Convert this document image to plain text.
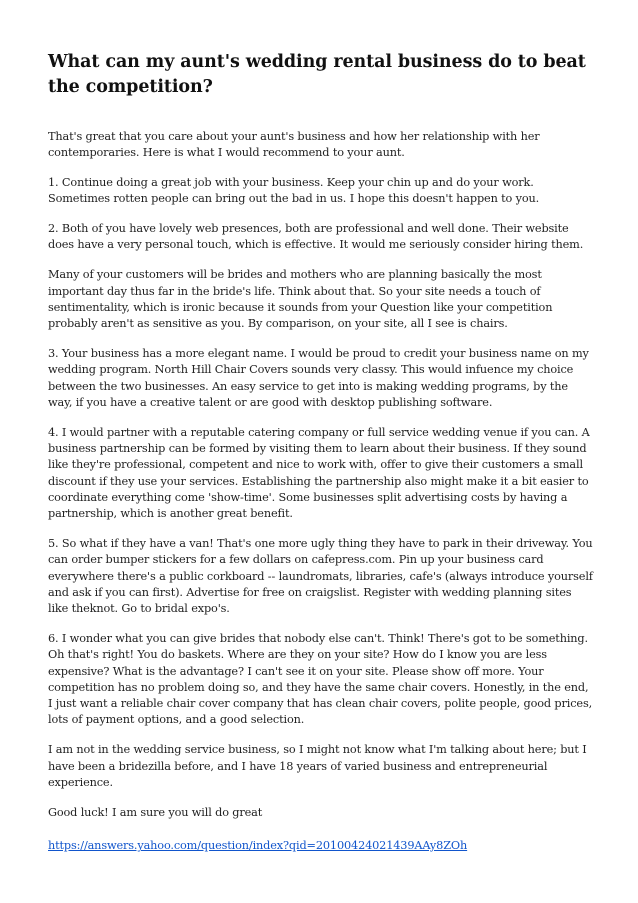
What can my aunt's wedding rental business do to beat the competition?

That's great that you care about your aunt's business and how her relationship with her contemporaries. Here is what I would recommend to your aunt.

1. Continue doing a great job with your business. Keep your chin up and do your work. Sometimes rotten people can bring out the bad in us. I hope this doesn't happen to you.

2. Both of you have lovely web presences, both are professional and well done. Their website does have a very personal touch, which is effective. It would me seriously consider hiring them.

Many of your customers will be brides and mothers who are planning basically the most important day thus far in the bride's life. Think about that. So your site needs a touch of sentimentality, which is ironic because it sounds from your Question like your competition probably aren't as sensitive as you. By comparison, on your site, all I see is chairs.

3. Your business has a more elegant name. I would be proud to credit your business name on my wedding program. North Hill Chair Covers sounds very classy. This would infuence my choice between the two businesses. An easy service to get into is making wedding programs, by the way, if you have a creative talent or are good with desktop publishing software.

4. I would partner with a reputable catering company or full service wedding venue if you can. A business partnership can be formed by visiting them to learn about their business. If they sound like they're professional, competent and nice to work with, offer to give their customers a small discount if they use your services. Establishing the partnership also might make it a bit easier to coordinate everything come 'show-time'. Some businesses split advertising costs by having a partnership, which is another great benefit.

5. So what if they have a van! That's one more ugly thing they have to park in their driveway. You can order bumper stickers for a few dollars on cafepress.com. Pin up your business card everywhere there's a public corkboard -- laundromats, libraries, cafe's (always introduce yourself and ask if you can first). Advertise for free on craigslist. Register with wedding planning sites like theknot. Go to bridal expo's.

6. I wonder what you can give brides that nobody else can't. Think! There's got to be something. Oh that's right! You do baskets. Where are they on your site? How do I know you are less expensive? What is the advantage? I can't see it on your site. Please show off more. Your competition has no problem doing so, and they have the same chair covers. Honestly, in the end, I just want a reliable chair cover company that has clean chair covers, polite people, good prices, lots of payment options, and a good selection.

I am not in the wedding service business, so I might not know what I'm talking about here; but I have been a bridezilla before, and I have 18 years of varied business and entrepreneurial experience.

Good luck! I am sure you will do great

https://answers.yahoo.com/question/index?qid=20100424021439AAy8ZOh
